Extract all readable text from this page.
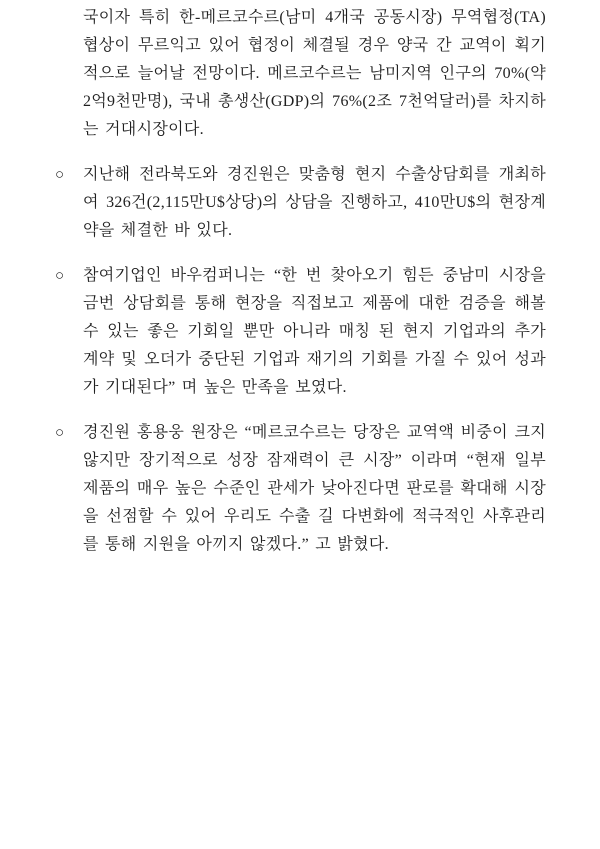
국이자 특히 한-메르코수르(남미 4개국 공동시장) 무역협정(TA)협상이 무르익고 있어 협정이 체결될 경우 양국 간 교역이 획기적으로 늘어날 전망이다. 메르코수르는 남미지역 인구의 70%(약2억9천만명), 국내 총생산(GDP)의 76%(2조 7천억달러)를 차지하는 거대시장이다.
○	지난해 전라북도와 경진원은 맞춤형 현지 수출상담회를 개최하여 326건(2,115만U$상당)의 상담을 진행하고, 410만U$의 현장계약을 체결한 바 있다.
○	참여기업인 바우컴퍼니는 “한 번 찾아오기 힘든 중남미 시장을 금번 상담회를 통해 현장을 직접보고 제품에 대한 검증을 해볼 수 있는 좋은 기회일 뿐만 아니라 매칭 된 현지 기업과의 추가 계약 및 오더가 중단된 기업과 재기의 기회를 가질 수 있어 성과가 기대된다” 며 높은 만족을 보였다.
○	경진원 홍용웅 원장은 “메르코수르는 당장은 교역액 비중이 크지 않지만 장기적으로 성장 잠재력이 큰 시장” 이라며 “현재 일부 제품의 매우 높은 수준인 관세가 낮아진다면 판로를 확대해 시장을 선점할 수 있어 우리도 수출 길 다변화에 적극적인 사후관리를 통해 지원을 아끼지 않겠다.” 고 밝혔다.
